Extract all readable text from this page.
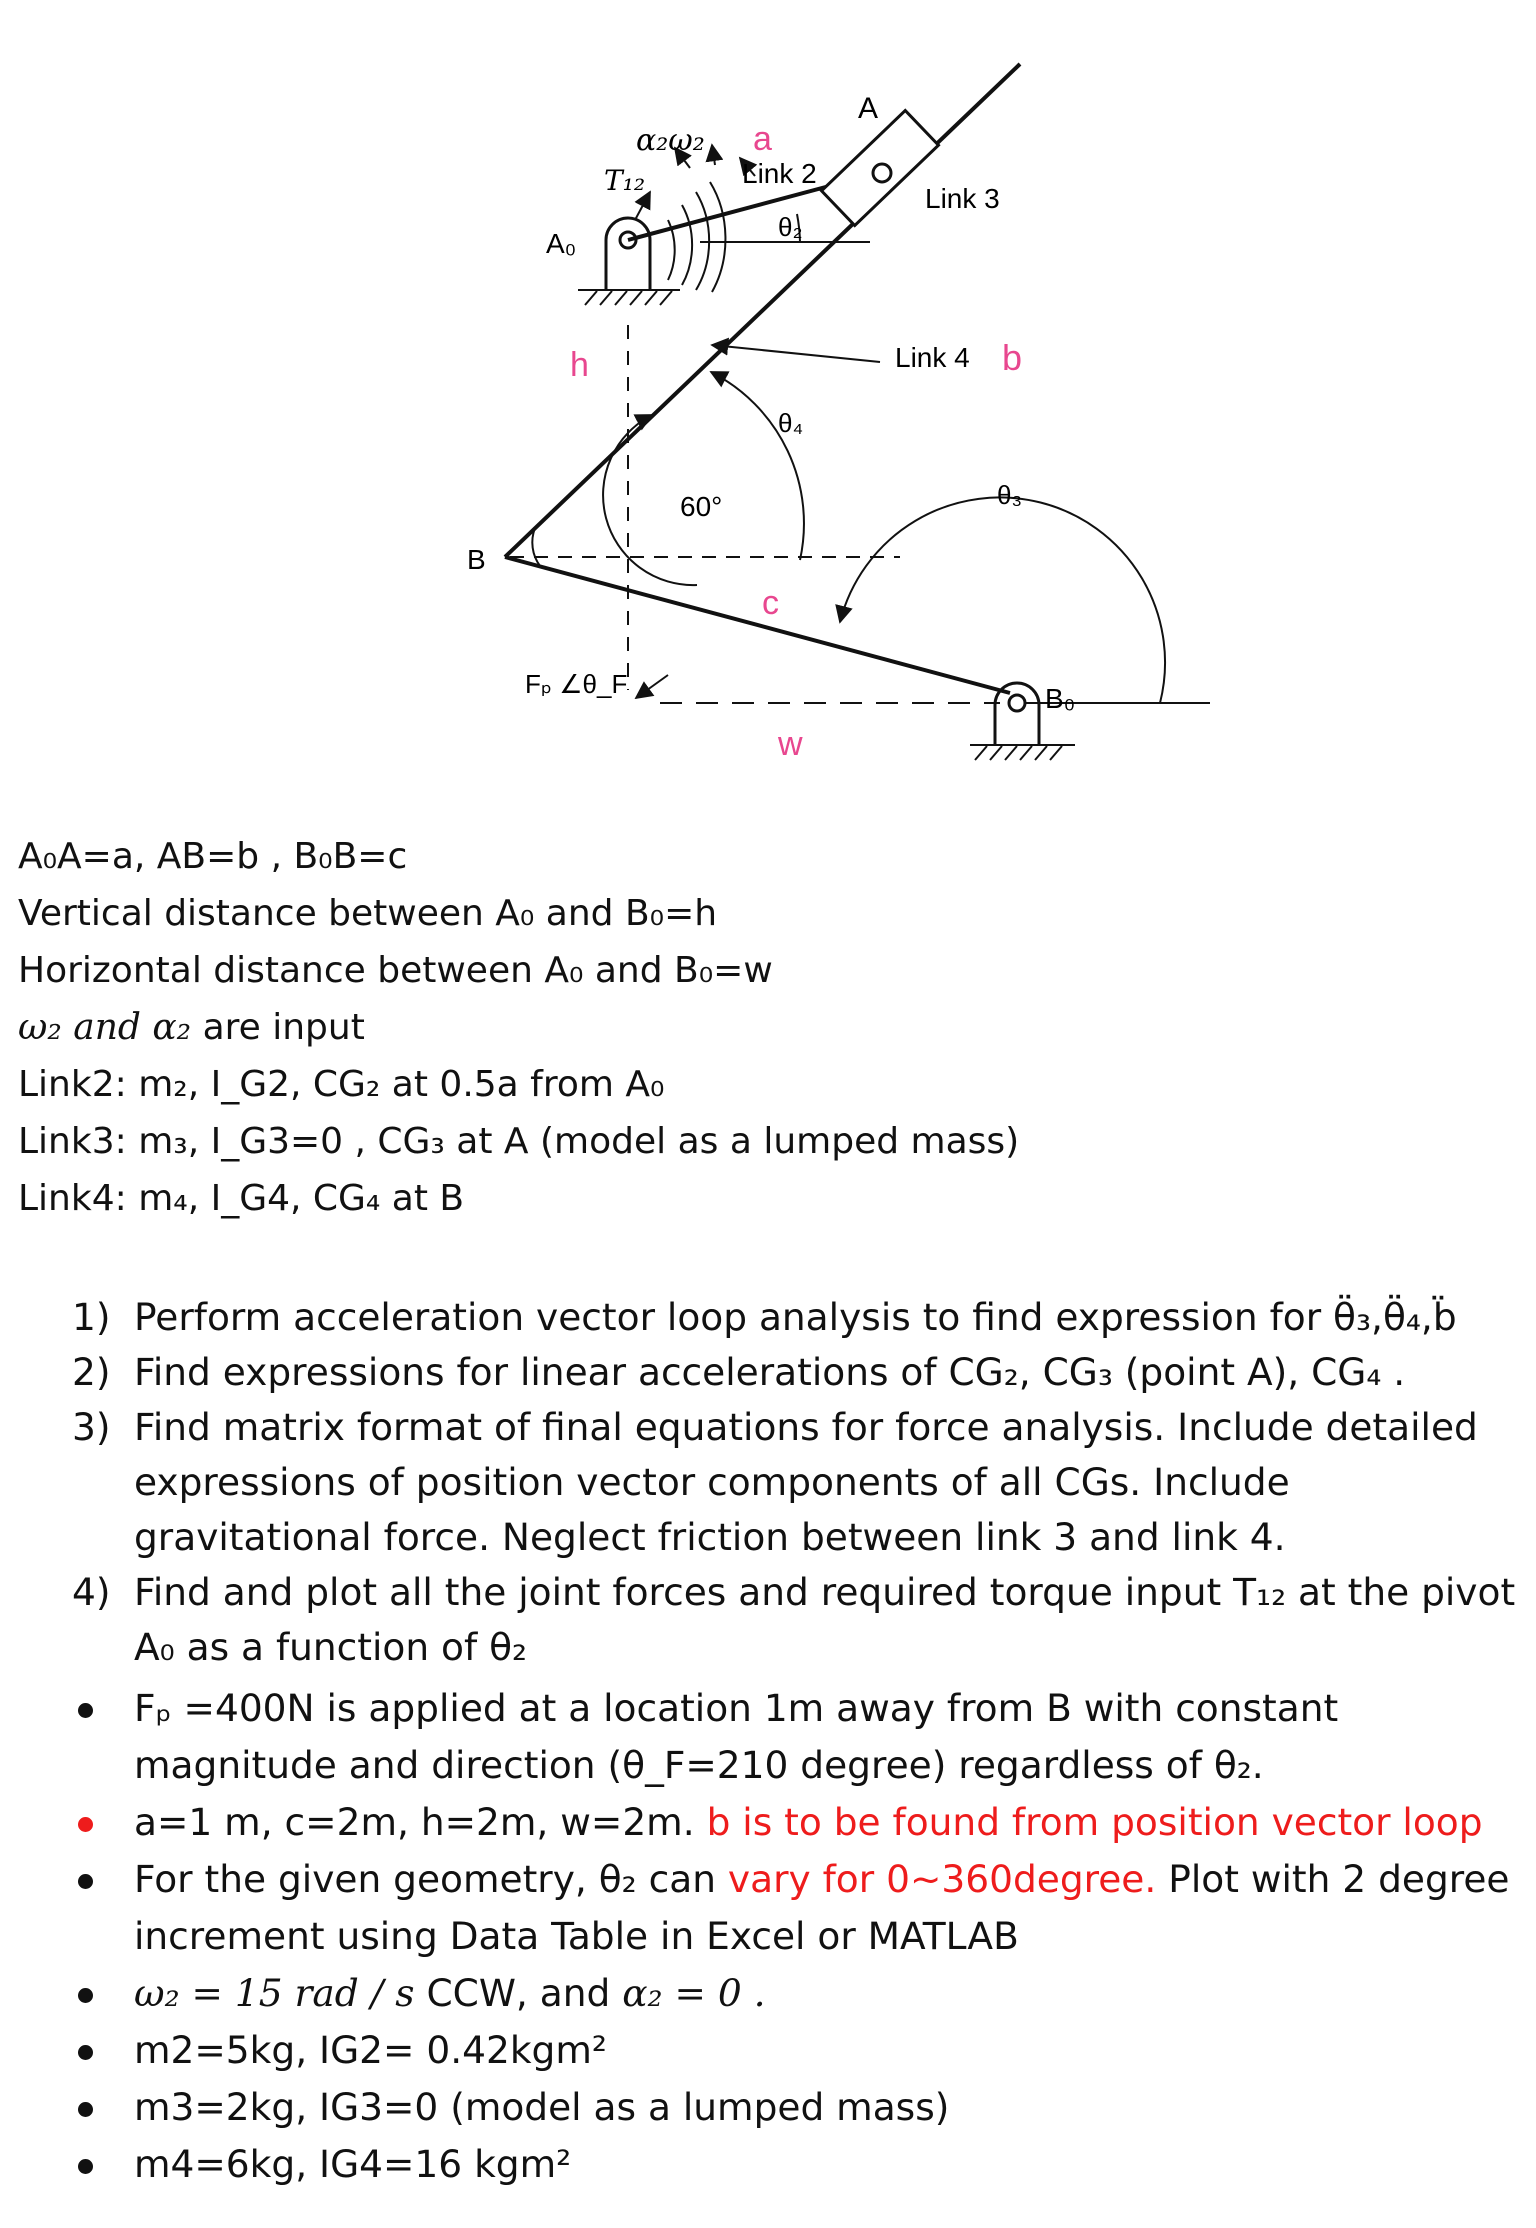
A
Link 2
Link 3
Link 4
a
b
c
h
w
α₂ω₂
T₁₂
A₀
B
B₀
θ₂
θ₃
θ₄
60°
Fₚ ∠θ_F
A₀A=a, AB=b , B₀B=c
Vertical distance between A₀ and B₀=h
Horizontal distance between A₀ and B₀=w
ω₂ and α₂ are input
Link2: m₂, I_G2, CG₂ at 0.5a from A₀
Link3: m₃, I_G3=0 , CG₃ at A (model as a lumped mass)
Link4: m₄, I_G4, CG₄ at B
1) Perform acceleration vector loop analysis to find expression for θ̈₃,θ̈₄,b̈
2) Find expressions for linear accelerations of CG₂, CG₃ (point A), CG₄ .
3) Find matrix format of final equations for force analysis. Include detailed expressions of position vector components of all CGs. Include gravitational force. Neglect friction between link 3 and link 4.
4) Find and plot all the joint forces and required torque input T₁₂ at the pivot A₀ as a function of θ₂
Fₚ =400N is applied at a location 1m away from B with constant magnitude and direction (θ_F=210 degree) regardless of θ₂.
a=1 m, c=2m, h=2m, w=2m. b is to be found from position vector loop
For the given geometry, θ₂ can vary for 0~360degree. Plot with 2 degree increment using Data Table in Excel or MATLAB
ω₂ = 15 rad / s CCW, and α₂ = 0 .
m2=5kg, IG2= 0.42kgm²
m3=2kg, IG3=0 (model as a lumped mass)
m4=6kg, IG4=16 kgm²
